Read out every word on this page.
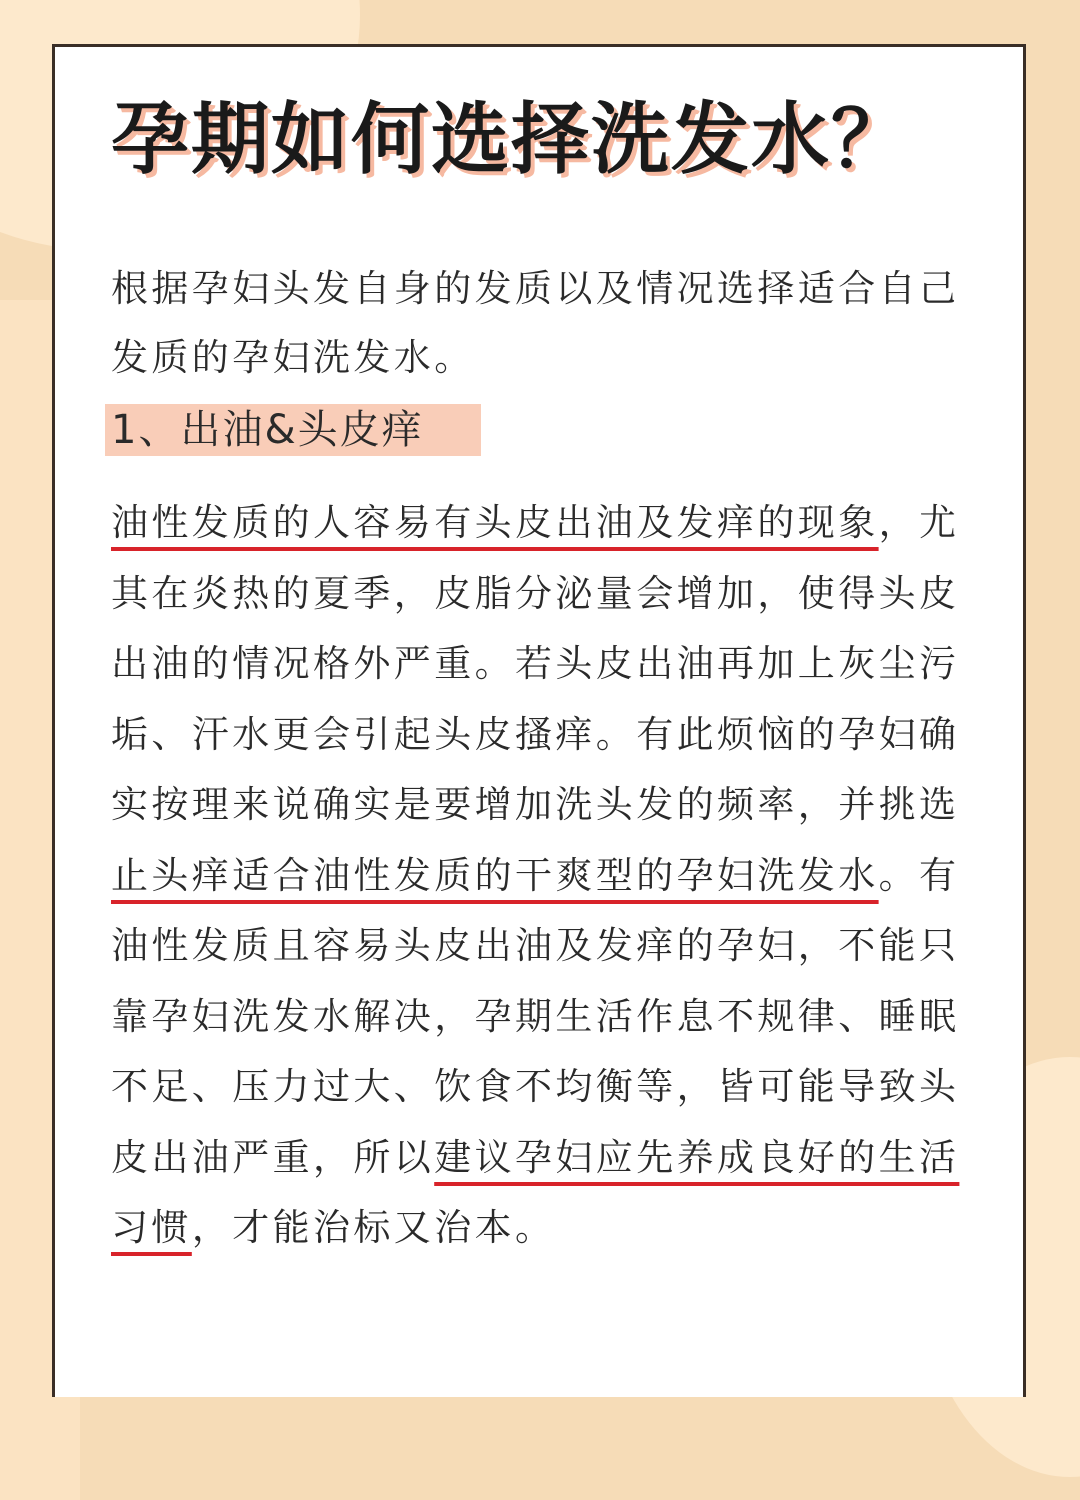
孕期如何选择洗发水？

根据孕妇头发自身的发质以及情况选择适合自己发质的孕妇洗发水。

1、出油&头皮痒

油性发质的人容易有头皮出油及发痒的现象，尤其在炎热的夏季，皮脂分泌量会增加，使得头皮出油的情况格外严重。若头皮出油再加上灰尘污垢、汗水更会引起头皮搔痒。有此烦恼的孕妇确实按理来说确实是要增加洗头发的频率，并挑选止头痒适合油性发质的干爽型的孕妇洗发水。有油性发质且容易头皮出油及发痒的孕妇，不能只靠孕妇洗发水解决，孕期生活作息不规律、睡眠不足、压力过大、饮食不均衡等，皆可能导致头皮出油严重，所以建议孕妇应先养成良好的生活习惯，才能治标又治本。
